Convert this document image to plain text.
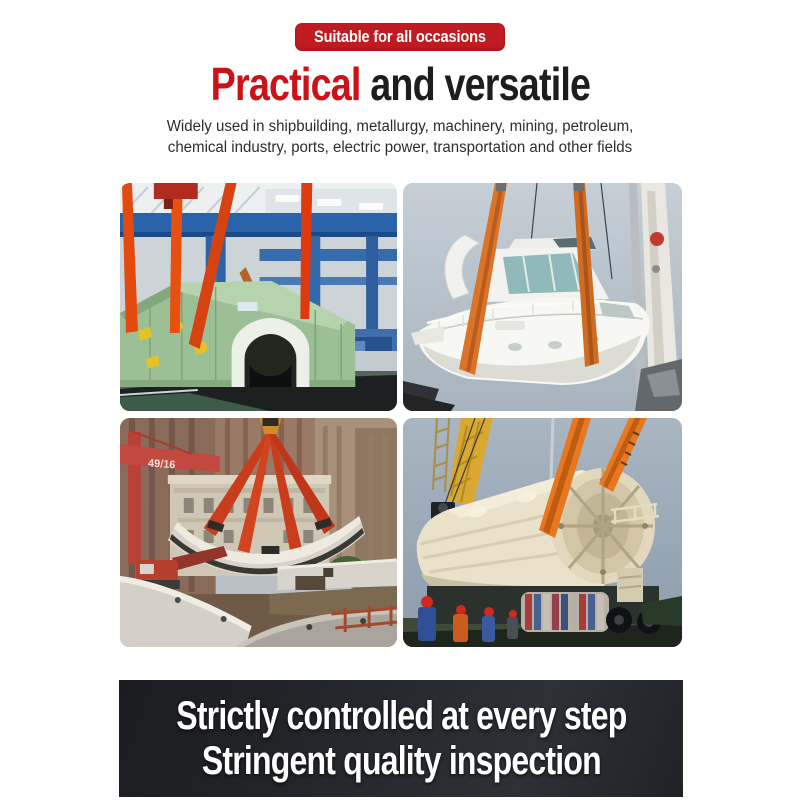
Suitable for all occasions
Practical and versatile

Widely used in shipbuilding, metallurgy, machinery, mining, petroleum,
chemical industry, ports, electric power, transportation and other fields

49/16
Strictly controlled at every step
Stringent quality inspection
